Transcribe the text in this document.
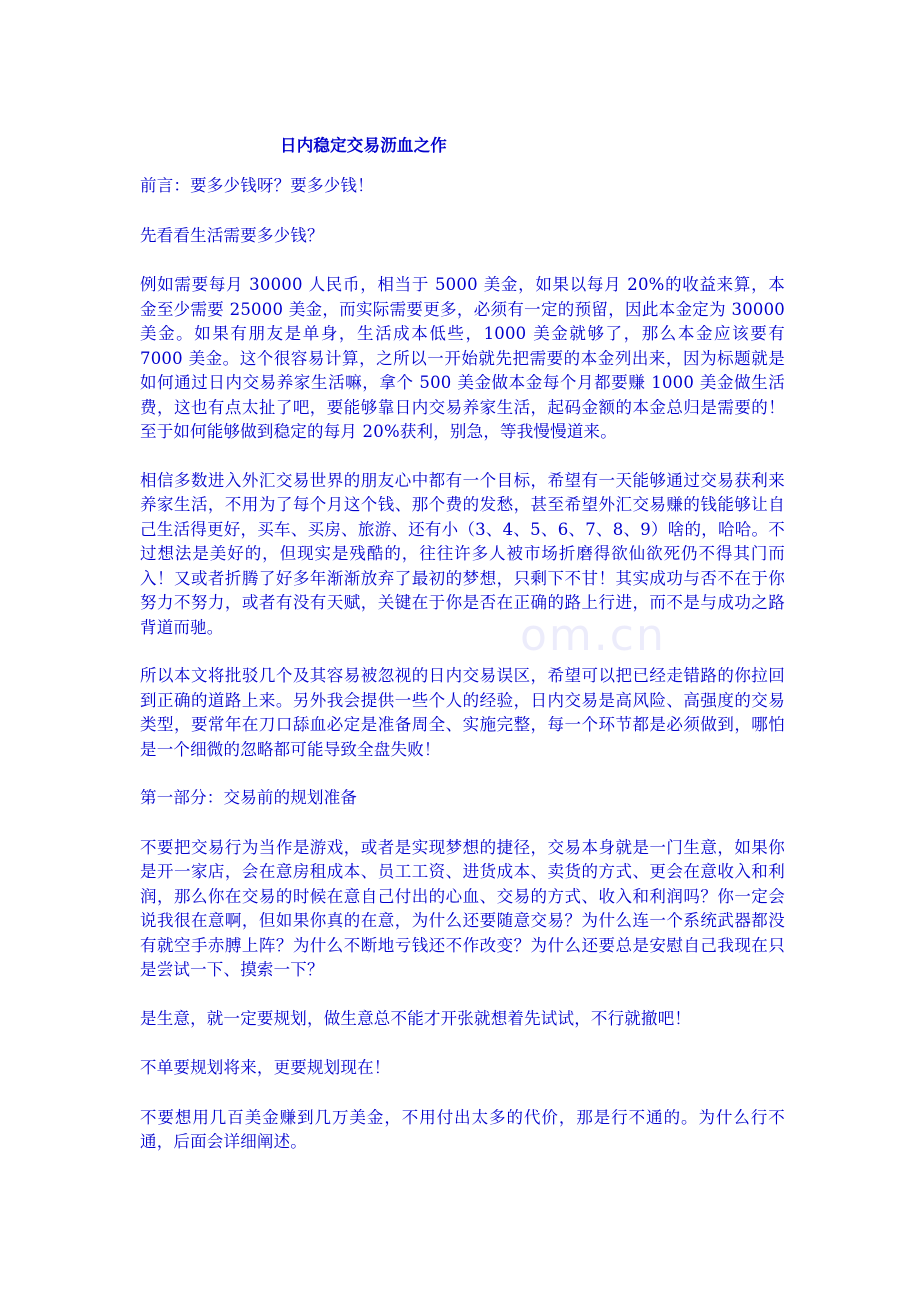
日内稳定交易沥血之作

前言：要多少钱呀？要多少钱！

先看看生活需要多少钱？

例如需要每月 30000 人民币，相当于 5000 美金，如果以每月 20%的收益来算，本金至少需要 25000 美金，而实际需要更多，必须有一定的预留，因此本金定为 30000 美金。如果有朋友是单身，生活成本低些，1000 美金就够了，那么本金应该要有 7000 美金。这个很容易计算，之所以一开始就先把需要的本金列出来，因为标题就是如何通过日内交易养家生活嘛，拿个 500 美金做本金每个月都要赚 1000 美金做生活费，这也有点太扯了吧，要能够靠日内交易养家生活，起码金额的本金总归是需要的！至于如何能够做到稳定的每月 20%获利，别急，等我慢慢道来。

相信多数进入外汇交易世界的朋友心中都有一个目标，希望有一天能够通过交易获利来养家生活，不用为了每个月这个钱、那个费的发愁，甚至希望外汇交易赚的钱能够让自己生活得更好，买车、买房、旅游、还有小（3、4、5、6、7、8、9）啥的，哈哈。不过想法是美好的，但现实是残酷的，往往许多人被市场折磨得欲仙欲死仍不得其门而入！又或者折腾了好多年渐渐放弃了最初的梦想，只剩下不甘！其实成功与否不在于你努力不努力，或者有没有天赋，关键在于你是否在正确的路上行进，而不是与成功之路背道而驰。

所以本文将批驳几个及其容易被忽视的日内交易误区，希望可以把已经走错路的你拉回到正确的道路上来。另外我会提供一些个人的经验，日内交易是高风险、高强度的交易类型，要常年在刀口舔血必定是准备周全、实施完整，每一个环节都是必须做到，哪怕是一个细微的忽略都可能导致全盘失败！

第一部分：交易前的规划准备

不要把交易行为当作是游戏，或者是实现梦想的捷径，交易本身就是一门生意，如果你是开一家店，会在意房租成本、员工工资、进货成本、卖货的方式、更会在意收入和利润，那么你在交易的时候在意自己付出的心血、交易的方式、收入和利润吗？你一定会说我很在意啊，但如果你真的在意，为什么还要随意交易？为什么连一个系统武器都没有就空手赤膊上阵？为什么不断地亏钱还不作改变？为什么还要总是安慰自己我现在只是尝试一下、摸索一下？

是生意，就一定要规划，做生意总不能才开张就想着先试试，不行就撤吧！

不单要规划将来，更要规划现在！

不要想用几百美金赚到几万美金，不用付出太多的代价，那是行不通的。为什么行不通，后面会详细阐述。

om.cn
